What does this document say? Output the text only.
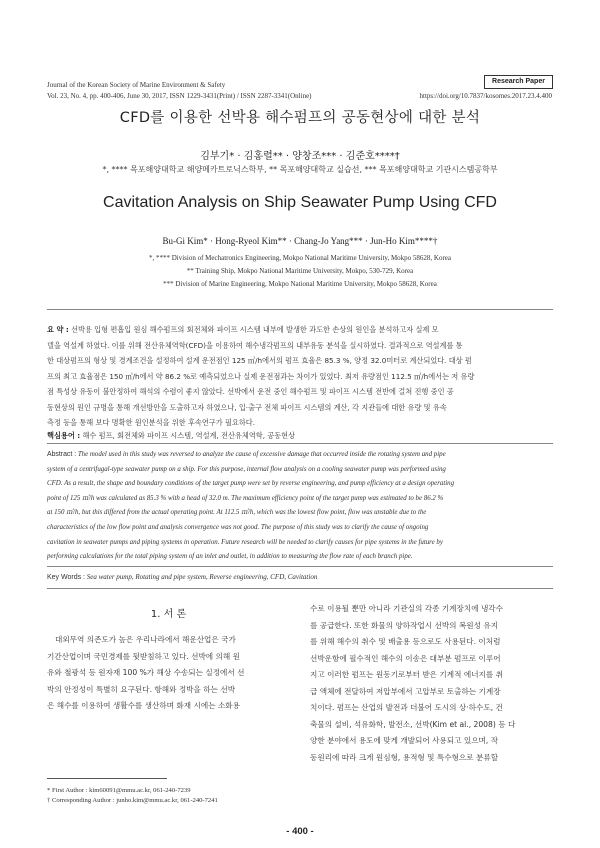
Journal of the Korean Society of Marine Environment & Safety
Vol. 23, No. 4, pp. 400-406, June 30, 2017, ISSN 1229-3431(Print) / ISSN 2287-3341(Online)	https://doi.org/10.7837/kosomes.2017.23.4.400
Research Paper
CFD를 이용한 선박용 해수펌프의 공동현상에 대한 분석
김부기* · 김홍렬** · 양창조*** · 김준호****†
*, **** 목포해양대학교 해양메카트로닉스학부, ** 목포해양대학교 실습선, *** 목포해양대학교 기관시스템공학부
Cavitation Analysis on Ship Seawater Pump Using CFD
Bu-Gi Kim* · Hong-Ryeol Kim** · Chang-Jo Yang*** · Jun-Ho Kim****†
*, **** Division of Mechatronics Engineering, Mokpo National Maritime University, Mokpo 58628, Korea
** Training Ship, Mokpo National Maritime University, Mokpo, 530-729, Korea
*** Division of Marine Engineering, Mokpo National Maritime University, Mokpo 58628, Korea
요 약 : 선박용 입형 편흡입 원심 해수펌프의 회전체와 파이프 시스템 내부에 발생한 과도한 손상의 원인을 분석하고자 실제 모
델을 역설계 하였다. 이를 위해 전산유체역학(CFD)을 이용하여 해수냉각펌프의 내부유동 분석을 실시하였다. 결과적으로 역설계를 통
한 대상펌프의 형상 및 경계조건을 설정하여 설계 운전점인 125 ㎥/h에서의 펌프 효율은 85.3 %, 양정 32.0미터로 계산되었다. 대상 펌
프의 최고 효율점은 150 ㎥/h에서 약 86.2 %로 예측되었으나 실제 운전점과는 차이가 있었다. 최저 유량점인 112.5 ㎥/h에서는 저 유량
점 특성상 유동이 불안정하여 해석의 수렴이 좋지 않았다. 선박에서 운전 중인 해수펌프 및 파이프 시스템 전반에 걸쳐 진행 중인 공
동현상의 원인 규명을 통해 개선방안을 도출하고자 하였으나, 입·출구 전체 파이프 시스템의 계산, 각 지관들에 대한 유량 및 유속
측정 등을 통해 보다 명확한 원인분석을 위한 후속연구가 필요하다.
핵심용어 : 해수 펌프, 회전체와 파이프 시스템, 역설계, 전산유체역학, 공동현상
Abstract : The model used in this study was reversed to analyze the cause of excessive damage that occurred inside the rotating system and pipe
system of a centrifugal-type seawater pump on a ship. For this purpose, internal flow analysis on a cooling seawater pump was performed using
CFD. As a result, the shape and boundary conditions of the target pump were set by reverse engineering, and pump efficiency at a design operating
point of 125 ㎥/h was calculated as 85.3 % with a head of 32.0 m. The maximum efficiency point of the target pump was estimated to be 86.2 %
at 150 ㎥/h, but this differed from the actual operating point. At 112.5 ㎥/h, which was the lowest flow point, flow was unstable due to the
characteristics of the low flow point and analysis convergence was not good. The purpose of this study was to clarify the cause of ongoing
cavitation in seawater pumps and piping systems in operation. Future research will be needed to clarify causes for pipe systems in the future by
performing calculations for the total piping system of an inlet and outlet, in addition to measuring the flow rate of each branch pipe.
Key Words : Sea water pump, Rotating and pipe system, Reverse engineering, CFD, Cavitation
1. 서 론
대외무역 의존도가 높은 우리나라에서 해운산업은 국가
기간산업이며 국민경제를 뒷받침하고 있다. 선박에 의해 원
유와 철광석 등 원자재 100 %가 해상 수송되는 실정에서 선
박의 안정성이 특별히 요구된다. 항해와 정박을 하는 선박
은 해수를 이용하여 생활수를 생산하며 화재 시에는 소화용
수로 이용될 뿐만 아니라 기관실의 각종 기계장치에 냉각수
를 공급한다. 또한 화물의 양하작업시 선박의 복원성 유지
를 위해 해수의 취수 및 배출용 등으로도 사용된다. 이처럼
선박운항에 필수적인 해수의 이송은 대부분 펌프로 이루어
지고 이러한 펌프는 원동기로부터 받은 기계적 에너지를 취
급 액체에 전달하여 저압부에서 고압부로 토출하는 기계장
치이다. 펌프는 산업의 발전과 더불어 도시의 상·하수도, 건
축물의 설비, 석유화학, 발전소, 선박(Kim et al., 2008) 등 다
양한 분야에서 용도에 맞게 개발되어 사용되고 있으며, 작
동원리에 따라 크게 원심형, 용적형 및 특수형으로 분류할
* First Author : kim60091@mmu.ac.kr, 061-240-7239
† Corresponding Author : junho.kim@mmu.ac.kr, 061-240-7241
- 400 -
